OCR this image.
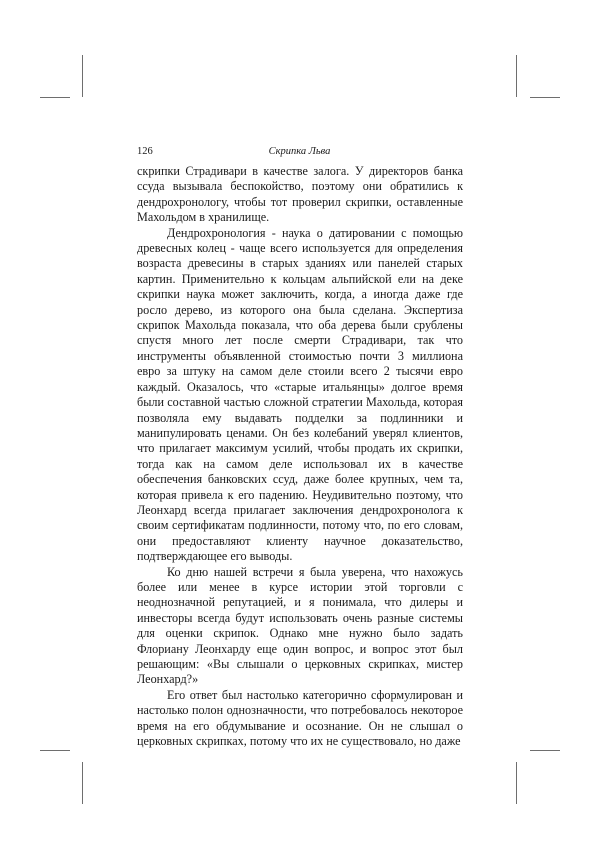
126	Скрипка Льва

скрипки Страдивари в качестве залога. У директоров банка ссуда вызывала беспокойство, поэтому они обратились к дендрохронологу, чтобы тот проверил скрипки, оставленные Махольдом в хранилище.

Дендрохронология - наука о датировании с помощью древесных колец - чаще всего используется для определения возраста древесины в старых зданиях или панелей старых картин. Применительно к кольцам альпийской ели на деке скрипки наука может заключить, когда, а иногда даже где росло дерево, из которого она была сделана. Экспертиза скрипок Махольда показала, что оба дерева были срублены спустя много лет после смерти Страдивари, так что инструменты объявленной стоимостью почти 3 миллиона евро за штуку на самом деле стоили всего 2 тысячи евро каждый. Оказалось, что «старые итальянцы» долгое время были составной частью сложной стратегии Махольда, которая позволяла ему выдавать подделки за подлинники и манипулировать ценами. Он без колебаний уверял клиентов, что прилагает максимум усилий, чтобы продать их скрипки, тогда как на самом деле использовал их в качестве обеспечения банковских ссуд, даже более крупных, чем та, которая привела к его падению. Неудивительно поэтому, что Леонхард всегда прилагает заключения дендрохронолога к своим сертификатам подлинности, потому что, по его словам, они предоставляют клиенту научное доказательство, подтверждающее его выводы.

Ко дню нашей встречи я была уверена, что нахожусь более или менее в курсе истории этой торговли с неоднозначной репутацией, и я понимала, что дилеры и инвесторы всегда будут использовать очень разные системы для оценки скрипок. Однако мне нужно было задать Флориану Леонхарду еще один вопрос, и вопрос этот был решающим: «Вы слышали о церковных скрипках, мистер Леонхард?»

Его ответ был настолько категорично сформулирован и настолько полон однозначности, что потребовалось некоторое время на его обдумывание и осознание. Он не слышал о церковных скрипках, потому что их не существовало, но даже
